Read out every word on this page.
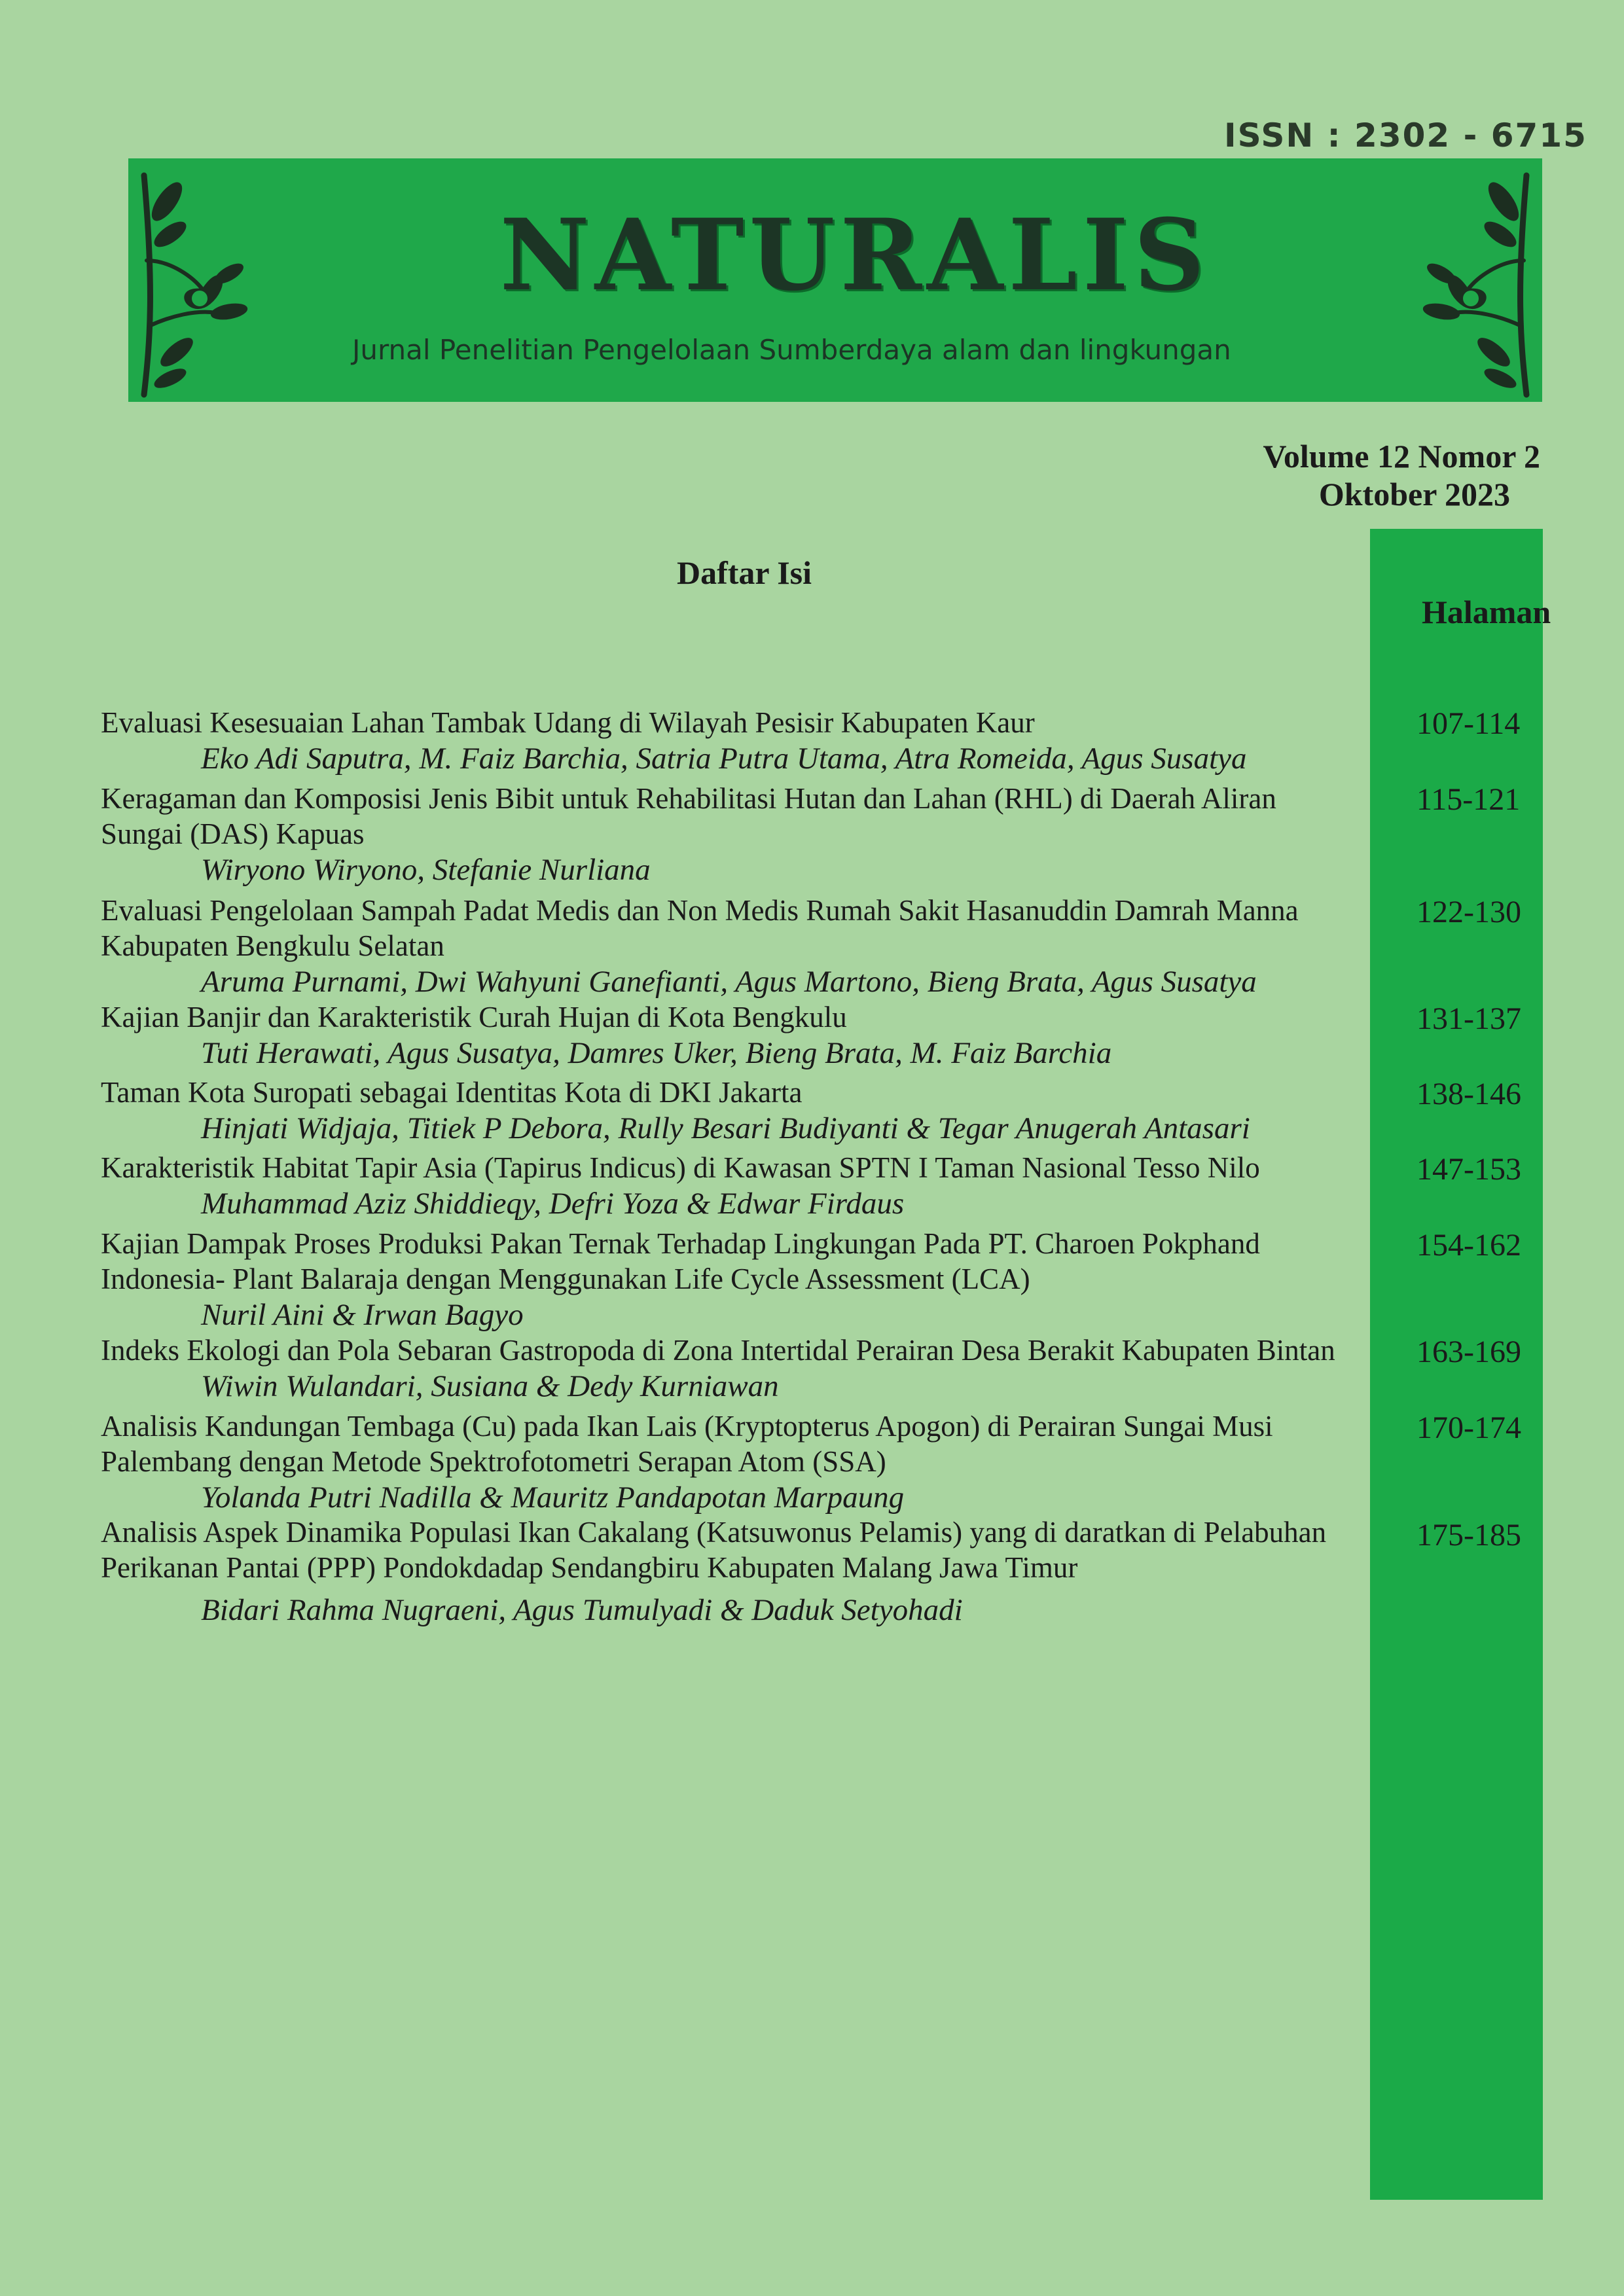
ISSN : 2302 - 6715
NATURALIS
Jurnal Penelitian Pengelolaan Sumberdaya alam dan lingkungan
Volume 12 Nomor 2
Oktober 2023
Daftar Isi
Halaman
Evaluasi Kesesuaian Lahan Tambak Udang di Wilayah Pesisir Kabupaten Kaur
Eko Adi Saputra, M. Faiz Barchia, Satria Putra Utama, Atra Romeida, Agus Susatya
107-114
Keragaman dan Komposisi Jenis Bibit untuk Rehabilitasi Hutan dan Lahan (RHL) di Daerah Aliran Sungai (DAS) Kapuas
Wiryono Wiryono, Stefanie Nurliana
115-121
Evaluasi Pengelolaan Sampah Padat Medis dan Non Medis Rumah Sakit Hasanuddin Damrah Manna Kabupaten Bengkulu Selatan
Aruma Purnami, Dwi Wahyuni Ganefianti, Agus Martono, Bieng Brata, Agus Susatya
122-130
Kajian Banjir dan Karakteristik Curah Hujan di Kota Bengkulu
Tuti Herawati, Agus Susatya, Damres Uker, Bieng Brata, M. Faiz Barchia
131-137
Taman Kota Suropati sebagai Identitas Kota di DKI Jakarta
Hinjati Widjaja, Titiek P Debora, Rully Besari Budiyanti & Tegar Anugerah Antasari
138-146
Karakteristik Habitat Tapir Asia (Tapirus Indicus) di Kawasan SPTN I Taman Nasional Tesso Nilo
Muhammad Aziz Shiddieqy, Defri Yoza & Edwar Firdaus
147-153
Kajian Dampak Proses Produksi Pakan Ternak Terhadap Lingkungan Pada PT. Charoen Pokphand Indonesia- Plant Balaraja dengan Menggunakan Life Cycle Assessment (LCA)
Nuril Aini & Irwan Bagyo
154-162
Indeks Ekologi dan Pola Sebaran Gastropoda di Zona Intertidal Perairan Desa Berakit Kabupaten Bintan
Wiwin Wulandari, Susiana & Dedy Kurniawan
163-169
Analisis Kandungan Tembaga (Cu) pada Ikan Lais (Kryptopterus Apogon) di Perairan Sungai Musi Palembang dengan Metode Spektrofotometri Serapan Atom (SSA)
Yolanda Putri Nadilla & Mauritz Pandapotan Marpaung
170-174
Analisis Aspek Dinamika Populasi Ikan Cakalang (Katsuwonus Pelamis) yang di daratkan di Pelabuhan Perikanan Pantai (PPP) Pondokdadap Sendangbiru Kabupaten Malang Jawa Timur
Bidari Rahma Nugraeni, Agus Tumulyadi & Daduk Setyohadi
175-185
